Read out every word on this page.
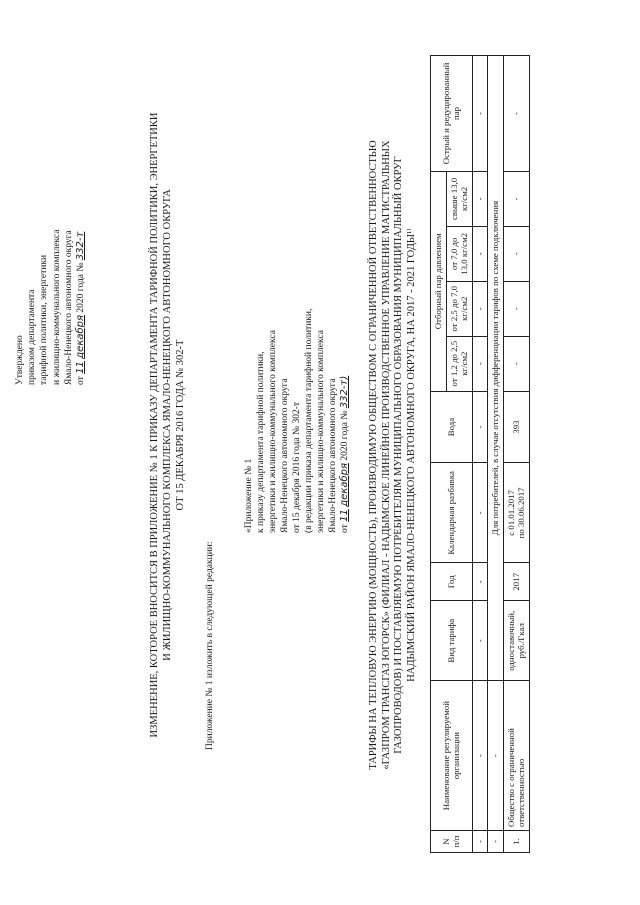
Утверждено приказом департамента тарифной политики, энергетики и жилищно-коммунального комплекса Ямало-Ненецкого автономного округа от 11 декабря 2020 года № 332-т	ИЗМЕНЕНИЕ, КОТОРОЕ ВНОСИТСЯ В ПРИЛОЖЕНИЕ № 1 К ПРИКАЗУ ДЕПАРТАМЕНТА ТАРИФНОЙ ПОЛИТИКИ, ЭНЕРГЕТИКИ И ЖИЛИЩНО-КОММУНАЛЬНОГО КОМПЛЕКСА ЯМАЛО-НЕНЕЦКОГО АВТОНОМНОГО ОКРУГА ОТ 15 ДЕКАБРЯ 2016 ГОДА № 302-Т
Приложение № 1 изложить в следующей редакции:
«Приложение № 1 к приказу департамента тарифной политики, энергетики и жилищно-коммунального комплекса Ямало-Ненецкого автономного округа от 15 декабря 2016 года № 302-т (в редакции приказа департамента тарифной политики, энергетики и жилищно-коммунального комплекса Ямало-Ненецкого автономного округа от 11 декабря 2020 года № 332-т) ТАРИФЫ НА ТЕПЛОВУЮ ЭНЕРГИЮ (МОЩНОСТЬ), ПРОИЗВОДИМУЮ ОБЩЕСТВОМ С ОГРАНИЧЕННОЙ ОТВЕТСТВЕННОСТЬЮ «ГАЗПРОМ ТРАНСГАЗ ЮГОРСК» (ФИЛИАЛ - НАДЫМСКОЕ ЛИНЕЙНОЕ ПРОИЗВОДСТВЕННОЕ УПРАВЛЕНИЕ МАГИСТРАЛЬНЫХ ГАЗОПРОВОДОВ) И ПОСТАВЛЯЕМУЮ ПОТРЕБИТЕЛЯМ МУНИЦИПАЛЬНОГО ОБРАЗОВАНИЯ МУНИЦИПАЛЬНЫЙ ОКРУГ НАДЫМСКИЙ РАЙОН ЯМАЛО-НЕНЕЦКОГО АВТОНОМНОГО ОКРУГА, НА 2017 - 2021 ГОДЫ¹⁾
N п/п	Наименование регулируемой организации	Вид тарифа	Год	Календарная разбивка	Вода	Отборный пар давлением				Острый и редуцированный пар
						от 1,2 до 2,5 кг/см2	от 2,5 до 7,0 кг/см2	от 7,0 до 13,0 кг/см2	свыше 13,0 кг/см2	
-	-	-	-	-	-	-	-	-	-	-
-	-	Для потребителей, в случае отсутствия дифференциации тарифов по схеме подключения								
1.	Общество с ограниченной ответственностью	одноставочный, руб./Гкал	2017	с 01.01.2017 по 30.06.2017	393	-	-	-	-	-
